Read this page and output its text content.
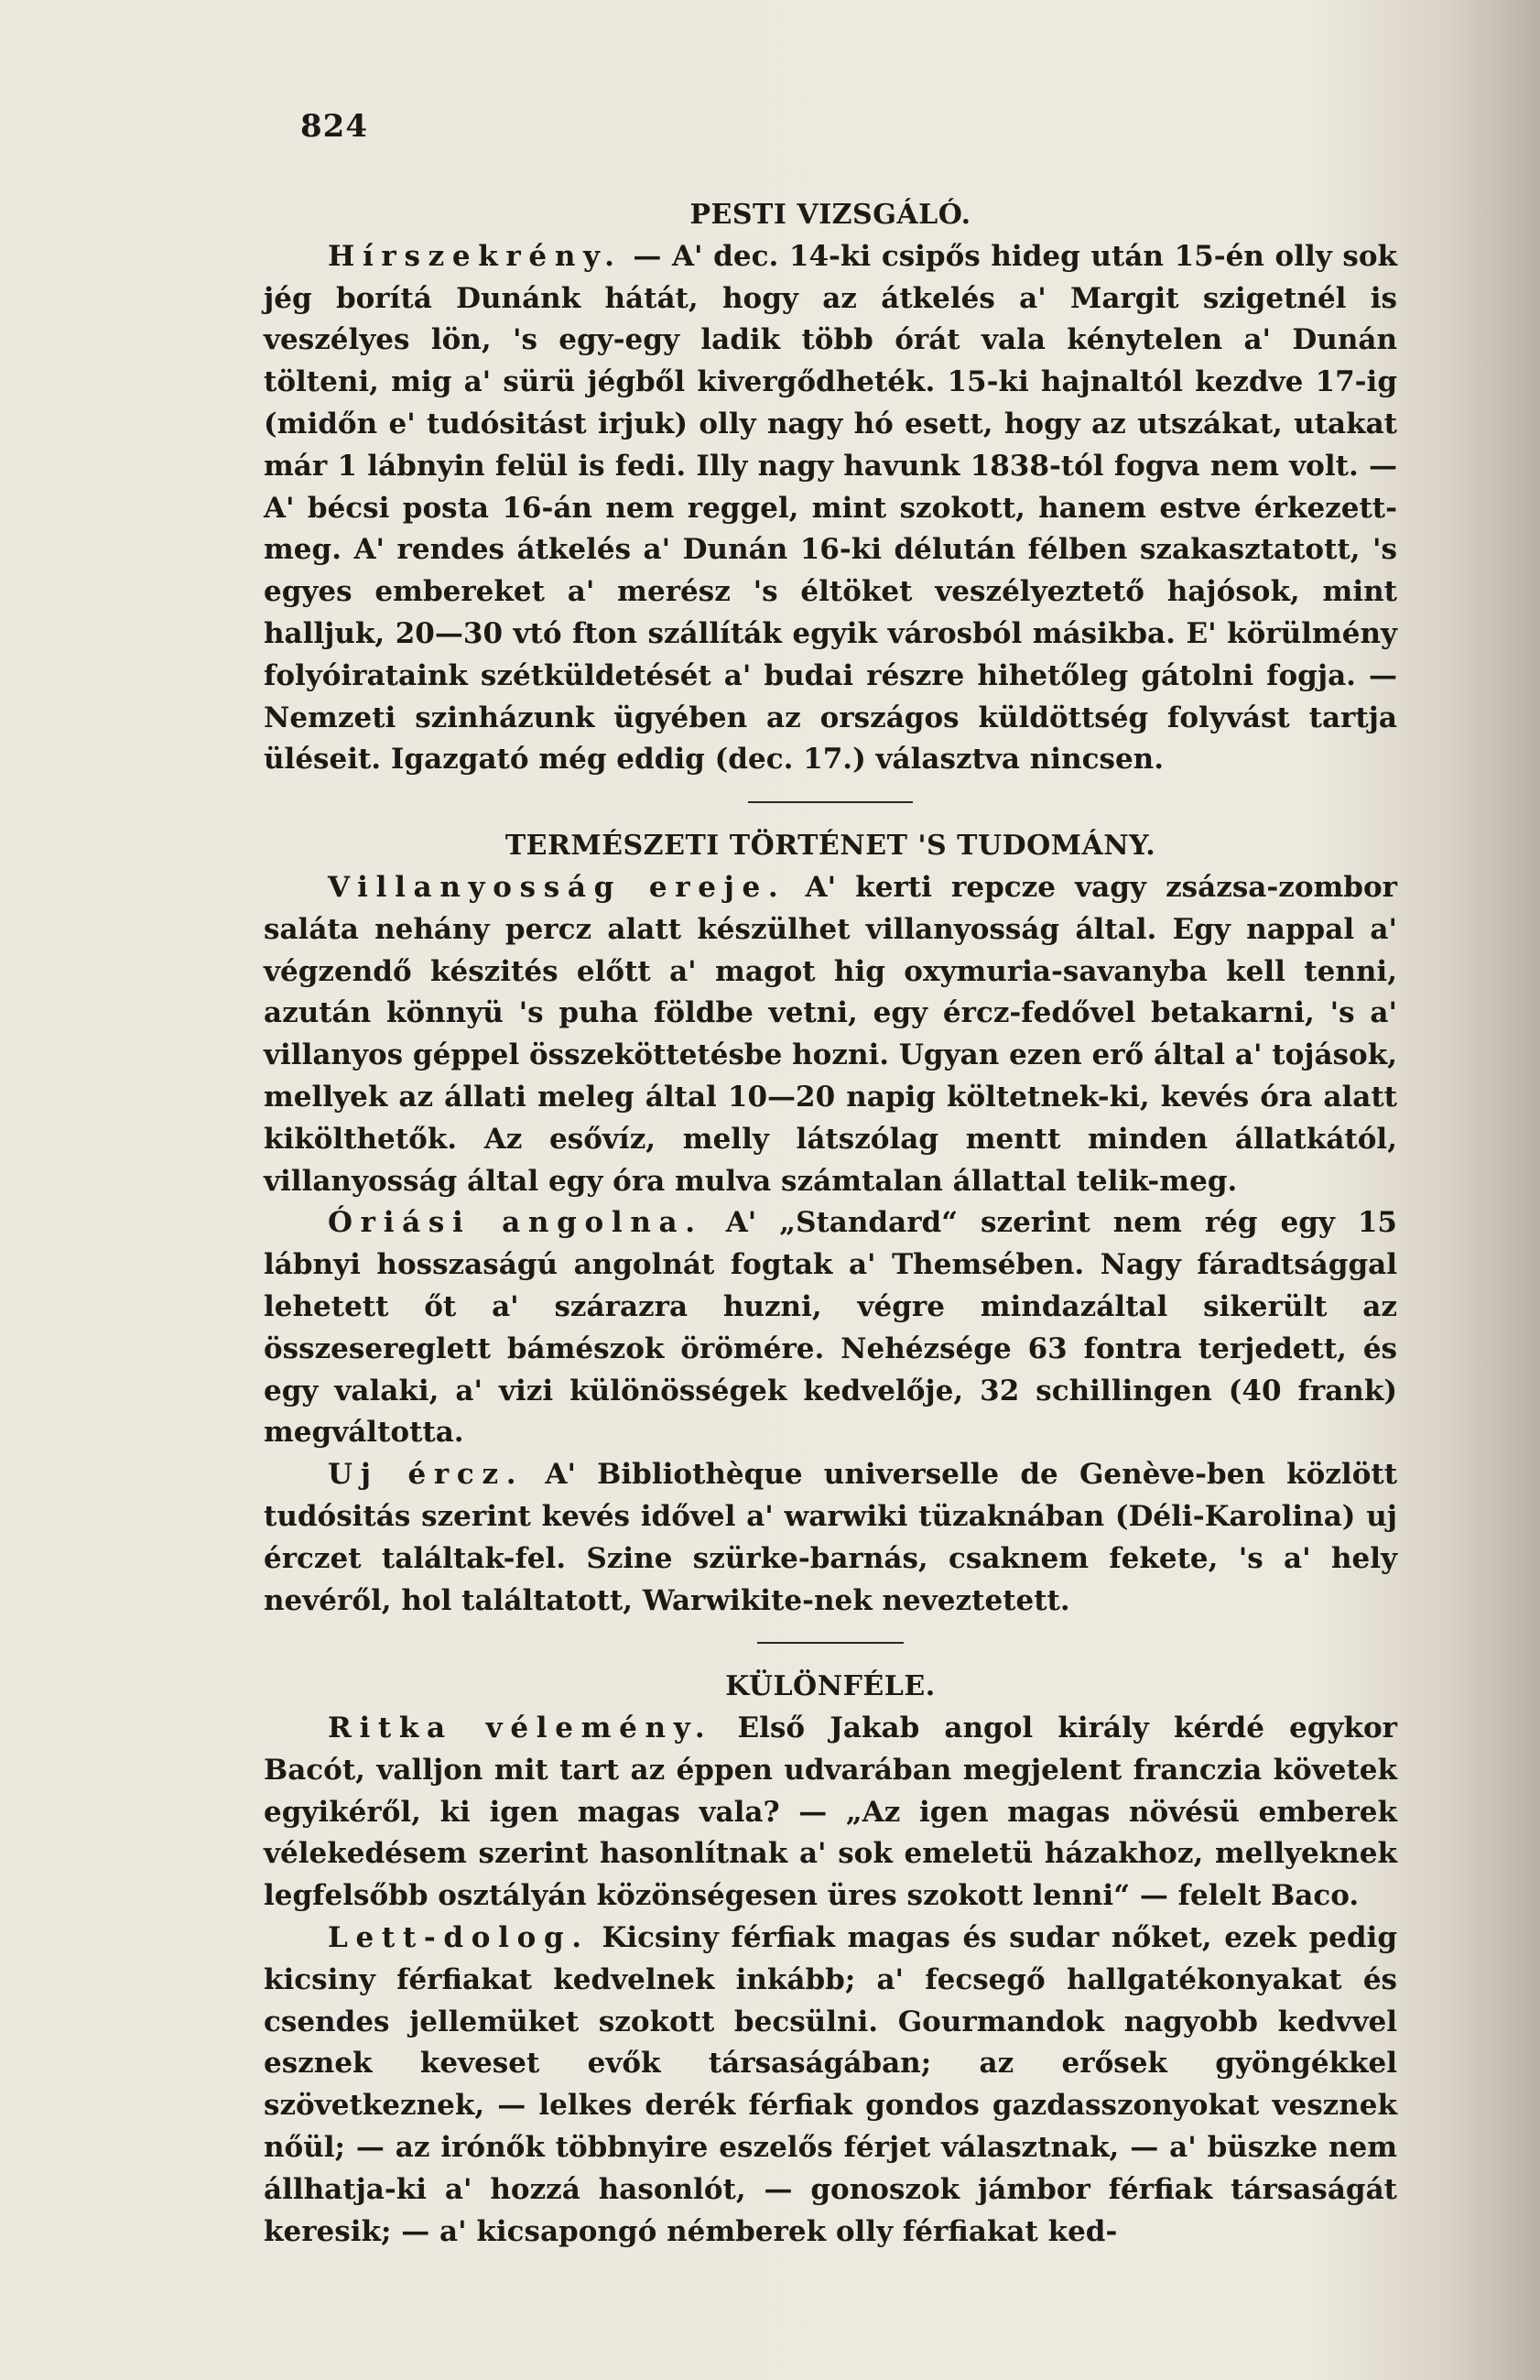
824
PESTI VIZSGÁLÓ.

Hírszekrény. — A' dec. 14-ki csipős hideg után 15-én olly sok jég borítá Dunánk hátát, hogy az átkelés a' Margit szigetnél is veszélyes lön, 's egy-egy ladik több órát vala kénytelen a' Dunán tölteni, mig a' sürü jégből kivergődheték. 15-ki hajnaltól kezdve 17-ig (midőn e' tudósitást irjuk) olly nagy hó esett, hogy az utszákat, utakat már 1 lábnyin felül is fedi. Illy nagy havunk 1838-tól fogva nem volt. — A' bécsi posta 16-án nem reggel, mint szokott, hanem estve érkezett-meg. A' rendes átkelés a' Dunán 16-ki délután félben szakasztatott, 's egyes embereket a' merész 's éltöket veszélyeztető hajósok, mint halljuk, 20—30 vtó fton szállíták egyik városból másikba. E' körülmény folyóirataink szétküldetését a' budai részre hihetőleg gátolni fogja. — Nemzeti szinházunk ügyében az országos küldöttség folyvást tartja üléseit. Igazgató még eddig (dec. 17.) választva nincsen.

TERMÉSZETI TÖRTÉNET 'S TUDOMÁNY.

Villanyosság ereje. A' kerti repcze vagy zsázsa-zombor saláta nehány percz alatt készülhet villanyosság által. Egy nappal a' végzendő készités előtt a' magot hig oxymuria-savanyba kell tenni, azután könnyü 's puha földbe vetni, egy ércz-fedővel betakarni, 's a' villanyos géppel összeköttetésbe hozni. Ugyan ezen erő által a' tojások, mellyek az állati meleg által 10—20 napig költetnek-ki, kevés óra alatt kikölthetők. Az esővíz, melly látszólag mentt minden állatkától, villanyosság által egy óra mulva számtalan állattal telik-meg.

Óriási angolna. A' „Standard“ szerint nem rég egy 15 lábnyi hosszaságú angolnát fogtak a' Themsében. Nagy fáradtsággal lehetett őt a' szárazra huzni, végre mindazáltal sikerült az összesereglett bámészok örömére. Nehézsége 63 fontra terjedett, és egy valaki, a' vizi különösségek kedvelője, 32 schillingen (40 frank) megváltotta.

Uj ércz. A' Bibliothèque universelle de Genève-ben közlött tudósitás szerint kevés idővel a' warwiki tüzaknában (Déli-Karolina) uj érczet találtak-fel. Szine szürke-barnás, csaknem fekete, 's a' hely nevéről, hol találtatott, Warwikite-nek neveztetett.

KÜLÖNFÉLE.

Ritka vélemény. Első Jakab angol király kérdé egykor Bacót, valljon mit tart az éppen udvarában megjelent franczia követek egyikéről, ki igen magas vala? — „Az igen magas növésü emberek vélekedésem szerint hasonlítnak a' sok emeletü házakhoz, mellyeknek legfelsőbb osztályán közönségesen üres szokott lenni“ — felelt Baco.

Lett-dolog. Kicsiny férfiak magas és sudar nőket, ezek pedig kicsiny férfiakat kedvelnek inkább; a' fecsegő hallgatékonyakat és csendes jellemüket szokott becsülni. Gourmandok nagyobb kedvvel esznek keveset evők társaságában; az erősek gyöngékkel szövetkeznek, — lelkes derék férfiak gondos gazdasszonyokat vesznek nőül; — az irónők többnyire eszelős férjet választnak, — a' büszke nem állhatja-ki a' hozzá hasonlót, — gonoszok jámbor férfiak társaságát keresik; — a' kicsapongó némberek olly férfiakat ked-
